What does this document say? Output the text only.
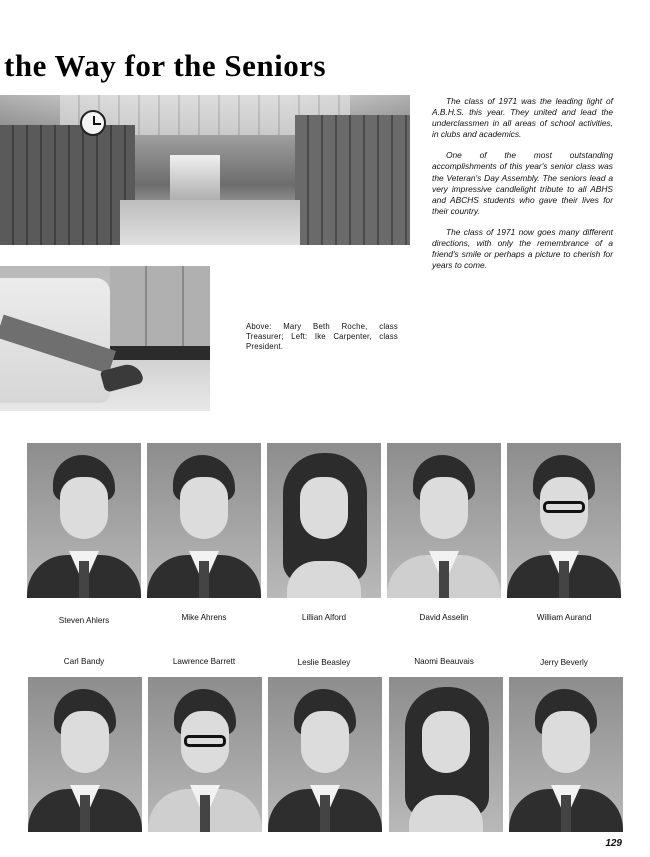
the Way for the Seniors

The class of 1971 was the leading light of A.B.H.S. this year. They united and lead the underclassmen in all areas of school activities, in clubs and academics.

One of the most outstanding accomplishments of this year's senior class was the Veteran's Day Assembly. The seniors lead a very impressive candlelight tribute to all ABHS and ABCHS students who gave their lives for their country.

The class of 1971 now goes many different directions, with only the remembrance of a friend's smile or perhaps a picture to cherish for years to come.

Above: Mary Beth Roche, class Treasurer; Left: Ike Carpenter, class President.

Steven Ahlers	Mike Ahrens	Lillian Alford	David Asselin	William Aurand

Carl Bandy	Lawrence Barrett	Leslie Beasley	Naomi Beauvais	Jerry Beverly

129
